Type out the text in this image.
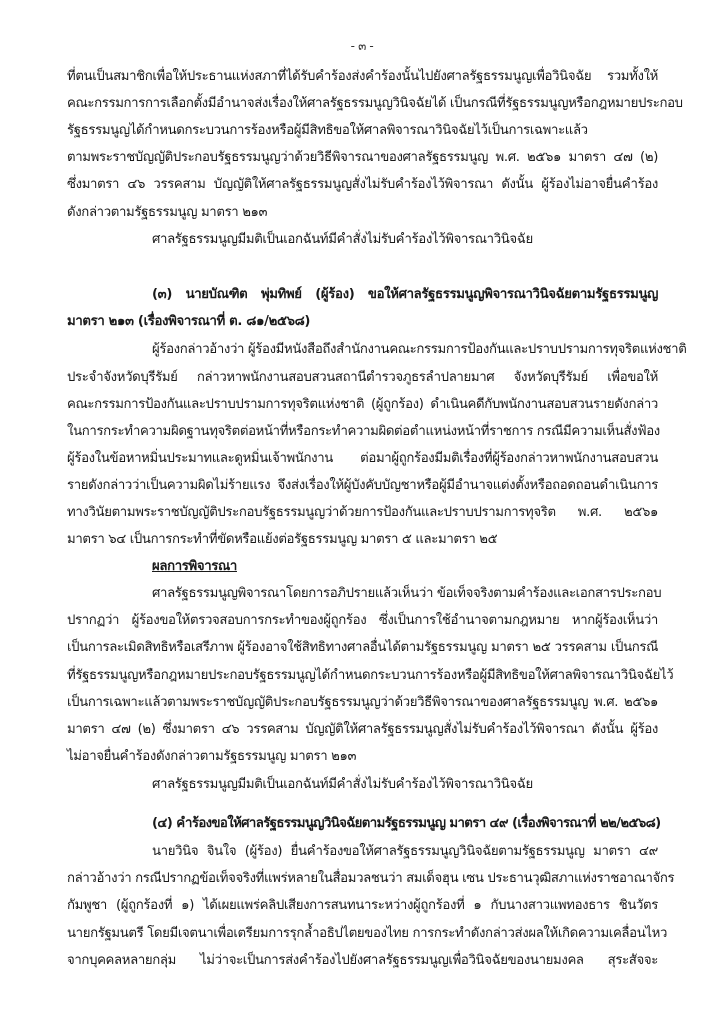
- ๓ -
ที่ตนเป็นสมาชิกเพื่อให้ประธานแห่งสภาที่ได้รับคำร้องส่งคำร้องนั้นไปยังศาลรัฐธรรมนูญเพื่อวินิจฉัย รวมทั้งให้
คณะกรรมการการเลือกตั้งมีอำนาจส่งเรื่องให้ศาลรัฐธรรมนูญวินิจฉัยได้ เป็นกรณีที่รัฐธรรมนูญหรือกฎหมายประกอบ
รัฐธรรมนูญได้กำหนดกระบวนการร้องหรือผู้มีสิทธิขอให้ศาลพิจารณาวินิจฉัยไว้เป็นการเฉพาะแล้ว
ตามพระราชบัญญัติประกอบรัฐธรรมนูญว่าด้วยวิธีพิจารณาของศาลรัฐธรรมนูญ พ.ศ. ๒๕๖๑ มาตรา ๔๗ (๒)
ซึ่งมาตรา ๔๖ วรรคสาม บัญญัติให้ศาลรัฐธรรมนูญสั่งไม่รับคำร้องไว้พิจารณา ดังนั้น ผู้ร้องไม่อาจยื่นคำร้อง
ดังกล่าวตามรัฐธรรมนูญ มาตรา ๒๑๓
ศาลรัฐธรรมนูญมีมติเป็นเอกฉันท์มีคำสั่งไม่รับคำร้องไว้พิจารณาวินิจฉัย
(๓) นายบัณฑิต พุ่มทิพย์ (ผู้ร้อง) ขอให้ศาลรัฐธรรมนูญพิจารณาวินิจฉัยตามรัฐธรรมนูญ
มาตรา ๒๑๓ (เรื่องพิจารณาที่ ต. ๘๑/๒๕๖๘)
ผู้ร้องกล่าวอ้างว่า ผู้ร้องมีหนังสือถึงสำนักงานคณะกรรมการป้องกันและปราบปรามการทุจริตแห่งชาติ
ประจำจังหวัดบุรีรัมย์ กล่าวหาพนักงานสอบสวนสถานีตำรวจภูธรลำปลายมาศ จังหวัดบุรีรัมย์ เพื่อขอให้
คณะกรรมการป้องกันและปราบปรามการทุจริตแห่งชาติ (ผู้ถูกร้อง) ดำเนินคดีกับพนักงานสอบสวนรายดังกล่าว
ในการกระทำความผิดฐานทุจริตต่อหน้าที่หรือกระทำความผิดต่อตำแหน่งหน้าที่ราชการ กรณีมีความเห็นสั่งฟ้อง
ผู้ร้องในข้อหาหมิ่นประมาทและดูหมิ่นเจ้าพนักงาน ต่อมาผู้ถูกร้องมีมติเรื่องที่ผู้ร้องกล่าวหาพนักงานสอบสวน
รายดังกล่าวว่าเป็นความผิดไม่ร้ายแรง จึงส่งเรื่องให้ผู้บังคับบัญชาหรือผู้มีอำนาจแต่งตั้งหรือถอดถอนดำเนินการ
ทางวินัยตามพระราชบัญญัติประกอบรัฐธรรมนูญว่าด้วยการป้องกันและปราบปรามการทุจริต พ.ศ. ๒๕๖๑
มาตรา ๖๔ เป็นการกระทำที่ขัดหรือแย้งต่อรัฐธรรมนูญ มาตรา ๕ และมาตรา ๒๕
ผลการพิจารณา
ศาลรัฐธรรมนูญพิจารณาโดยการอภิปรายแล้วเห็นว่า ข้อเท็จจริงตามคำร้องและเอกสารประกอบ
ปรากฏว่า ผู้ร้องขอให้ตรวจสอบการกระทำของผู้ถูกร้อง ซึ่งเป็นการใช้อำนาจตามกฎหมาย หากผู้ร้องเห็นว่า
เป็นการละเมิดสิทธิหรือเสรีภาพ ผู้ร้องอาจใช้สิทธิทางศาลอื่นได้ตามรัฐธรรมนูญ มาตรา ๒๕ วรรคสาม เป็นกรณี
ที่รัฐธรรมนูญหรือกฎหมายประกอบรัฐธรรมนูญได้กำหนดกระบวนการร้องหรือผู้มีสิทธิขอให้ศาลพิจารณาวินิจฉัยไว้
เป็นการเฉพาะแล้วตามพระราชบัญญัติประกอบรัฐธรรมนูญว่าด้วยวิธีพิจารณาของศาลรัฐธรรมนูญ พ.ศ. ๒๕๖๑
มาตรา ๔๗ (๒) ซึ่งมาตรา ๔๖ วรรคสาม บัญญัติให้ศาลรัฐธรรมนูญสั่งไม่รับคำร้องไว้พิจารณา ดังนั้น ผู้ร้อง
ไม่อาจยื่นคำร้องดังกล่าวตามรัฐธรรมนูญ มาตรา ๒๑๓
ศาลรัฐธรรมนูญมีมติเป็นเอกฉันท์มีคำสั่งไม่รับคำร้องไว้พิจารณาวินิจฉัย
(๔) คำร้องขอให้ศาลรัฐธรรมนูญวินิจฉัยตามรัฐธรรมนูญ มาตรา ๔๙ (เรื่องพิจารณาที่ ๒๒/๒๕๖๘)
นายวินิจ จินใจ (ผู้ร้อง) ยื่นคำร้องขอให้ศาลรัฐธรรมนูญวินิจฉัยตามรัฐธรรมนูญ มาตรา ๔๙
กล่าวอ้างว่า กรณีปรากฏข้อเท็จจริงที่แพร่หลายในสื่อมวลชนว่า สมเด็จฮุน เซน ประธานวุฒิสภาแห่งราชอาณาจักร
กัมพูชา (ผู้ถูกร้องที่ ๑) ได้เผยแพร่คลิปเสียงการสนทนาระหว่างผู้ถูกร้องที่ ๑ กับนางสาวแพทองธาร ชินวัตร
นายกรัฐมนตรี โดยมีเจตนาเพื่อเตรียมการรุกล้ำอธิปไตยของไทย การกระทำดังกล่าวส่งผลให้เกิดความเคลื่อนไหว
จากบุคคลหลายกลุ่ม ไม่ว่าจะเป็นการส่งคำร้องไปยังศาลรัฐธรรมนูญเพื่อวินิจฉัยของนายมงคล สุระสัจจะ
